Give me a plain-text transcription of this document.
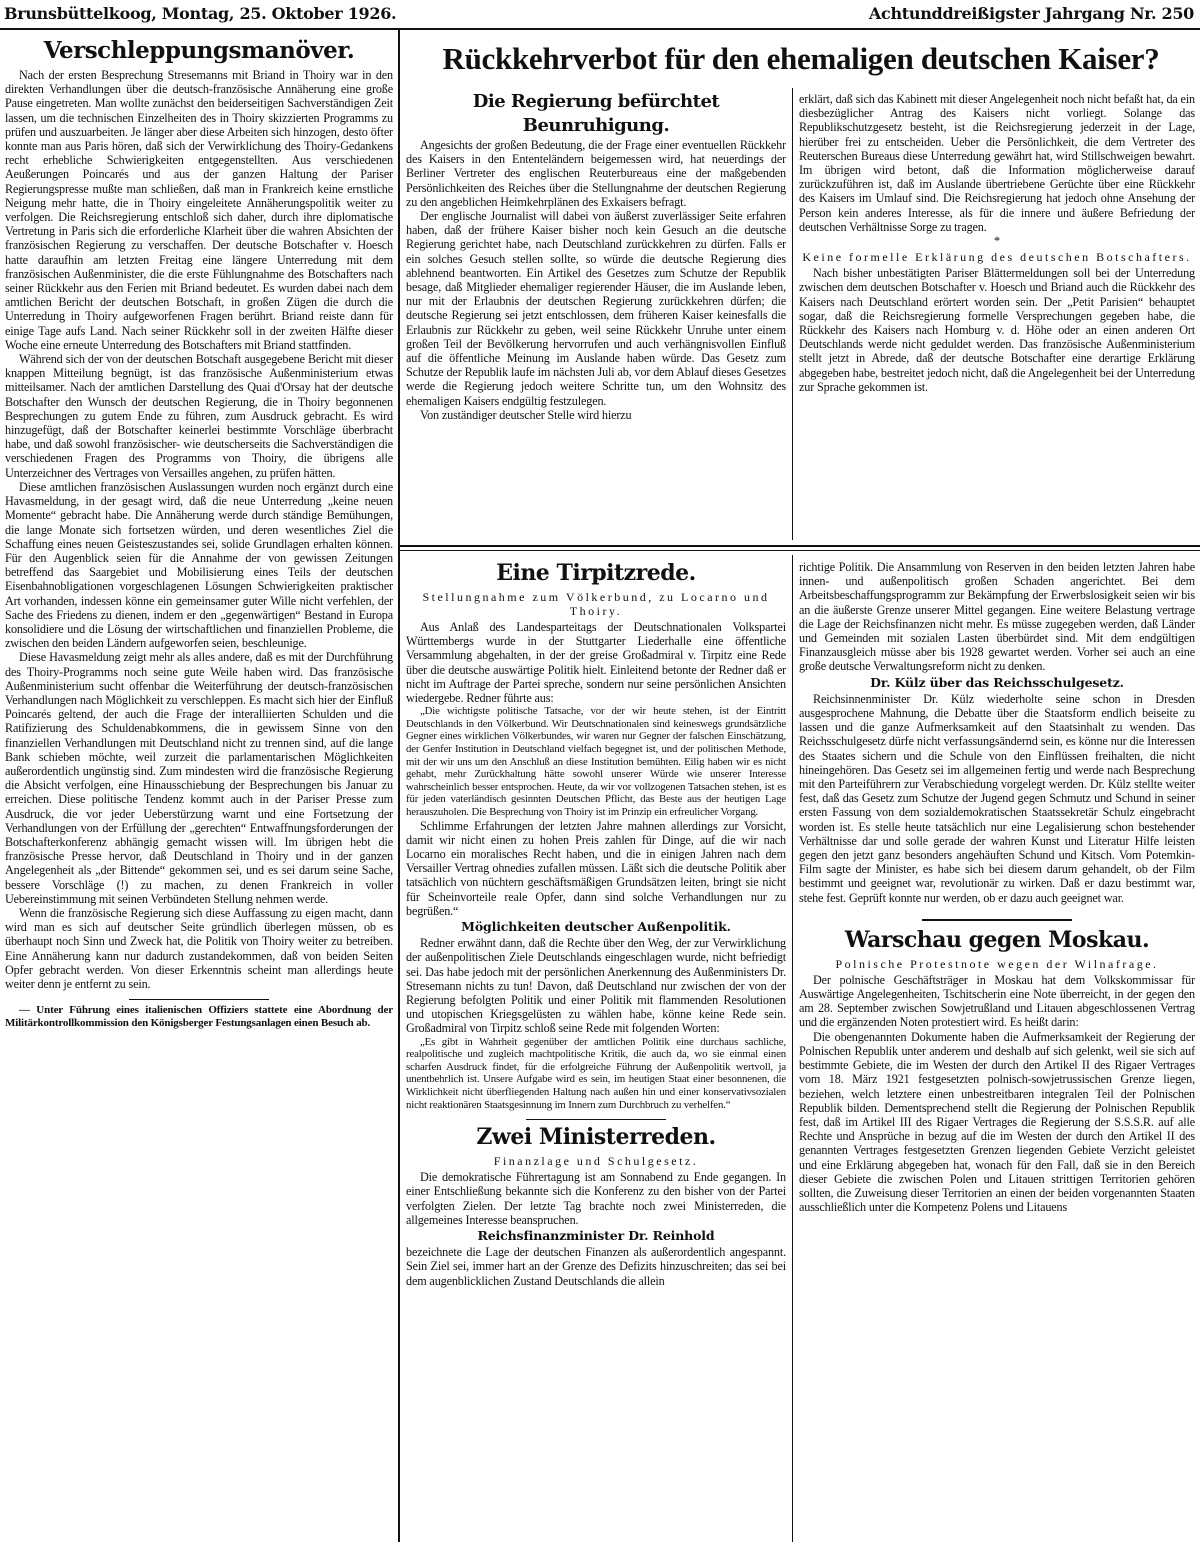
Brunsbüttelkoog, Montag, 25. Oktober 1926.	Achtunddreißigster Jahrgang Nr. 250
Verschleppungsmanöver.

Nach der ersten Besprechung Stresemanns mit Briand in Thoiry war in den direkten Verhandlungen über die deutsch-französische Annäherung eine große Pause eingetreten. Man wollte zunächst den beiderseitigen Sachverständigen Zeit lassen, um die technischen Einzelheiten des in Thoiry skizzierten Programms zu prüfen und auszuarbeiten. Je länger aber diese Arbeiten sich hinzogen, desto öfter konnte man aus Paris hören, daß sich der Verwirklichung des Thoiry-Gedankens recht erhebliche Schwierigkeiten entgegenstellten. Aus verschiedenen Aeußerungen Poincarés und aus der ganzen Haltung der Pariser Regierungspresse mußte man schließen, daß man in Frankreich keine ernstliche Neigung mehr hatte, die in Thoiry eingeleitete Annäherungspolitik weiter zu verfolgen. Die Reichsregierung entschloß sich daher, durch ihre diplomatische Vertretung in Paris sich die erforderliche Klarheit über die wahren Absichten der französischen Regierung zu verschaffen. Der deutsche Botschafter v. Hoesch hatte daraufhin am letzten Freitag eine längere Unterredung mit dem französischen Außenminister, die die erste Fühlungnahme des Botschafters nach seiner Rückkehr aus den Ferien mit Briand bedeutet. Es wurden dabei nach dem amtlichen Bericht der deutschen Botschaft, in großen Zügen die durch die Unterredung in Thoiry aufgeworfenen Fragen berührt. Briand reiste dann für einige Tage aufs Land. Nach seiner Rückkehr soll in der zweiten Hälfte dieser Woche eine erneute Unterredung des Botschafters mit Briand stattfinden.

Während sich der von der deutschen Botschaft ausgegebene Bericht mit dieser knappen Mitteilung begnügt, ist das französische Außenministerium etwas mitteilsamer. Nach der amtlichen Darstellung des Quai d'Orsay hat der deutsche Botschafter den Wunsch der deutschen Regierung, die in Thoiry begonnenen Besprechungen zu gutem Ende zu führen, zum Ausdruck gebracht. Es wird hinzugefügt, daß der Botschafter keinerlei bestimmte Vorschläge überbracht habe, und daß sowohl französischer- wie deutscherseits die Sachverständigen die verschiedenen Fragen des Programms von Thoiry, die übrigens alle Unterzeichner des Vertrages von Versailles angehen, zu prüfen hätten.

Diese amtlichen französischen Auslassungen wurden noch ergänzt durch eine Havasmeldung, in der gesagt wird, daß die neue Unterredung „keine neuen Momente“ gebracht habe. Die Annäherung werde durch ständige Bemühungen, die lange Monate sich fortsetzen würden, und deren wesentliches Ziel die Schaffung eines neuen Geisteszustandes sei, solide Grundlagen erhalten können. Für den Augenblick seien für die Annahme der von gewissen Zeitungen betreffend das Saargebiet und Mobilisierung eines Teils der deutschen Eisenbahnobligationen vorgeschlagenen Lösungen Schwierigkeiten praktischer Art vorhanden, indessen könne ein gemeinsamer guter Wille nicht verfehlen, der Sache des Friedens zu dienen, indem er den „gegenwärtigen“ Bestand in Europa konsolidiere und die Lösung der wirtschaftlichen und finanziellen Probleme, die zwischen den beiden Ländern aufgeworfen seien, beschleunige.

Diese Havasmeldung zeigt mehr als alles andere, daß es mit der Durchführung des Thoiry-Programms noch seine gute Weile haben wird. Das französische Außenministerium sucht offenbar die Weiterführung der deutsch-französischen Verhandlungen nach Möglichkeit zu verschleppen. Es macht sich hier der Einfluß Poincarés geltend, der auch die Frage der interalliierten Schulden und die Ratifizierung des Schuldenabkommens, die in gewissem Sinne von den finanziellen Verhandlungen mit Deutschland nicht zu trennen sind, auf die lange Bank schieben möchte, weil zurzeit die parlamentarischen Möglichkeiten außerordentlich ungünstig sind. Zum mindesten wird die französische Regierung die Absicht verfolgen, eine Hinausschiebung der Besprechungen bis Januar zu erreichen. Diese politische Tendenz kommt auch in der Pariser Presse zum Ausdruck, die vor jeder Ueberstürzung warnt und eine Fortsetzung der Verhandlungen von der Erfüllung der „gerechten“ Entwaffnungsforderungen der Botschafterkonferenz abhängig gemacht wissen will. Im übrigen hebt die französische Presse hervor, daß Deutschland in Thoiry und in der ganzen Angelegenheit als „der Bittende“ gekommen sei, und es sei darum seine Sache, bessere Vorschläge (!) zu machen, zu denen Frankreich in voller Uebereinstimmung mit seinen Verbündeten Stellung nehmen werde.

Wenn die französische Regierung sich diese Auffassung zu eigen macht, dann wird man es sich auf deutscher Seite gründlich überlegen müssen, ob es überhaupt noch Sinn und Zweck hat, die Politik von Thoiry weiter zu betreiben. Eine Annäherung kann nur dadurch zustandekommen, daß von beiden Seiten Opfer gebracht werden. Von dieser Erkenntnis scheint man allerdings heute weiter denn je entfernt zu sein.

— Unter Führung eines italienischen Offiziers stattete eine Abordnung der Militärkontrollkommission den Königsberger Festungsanlagen einen Besuch ab.

Rückkehrverbot für den ehemaligen deutschen Kaiser?
Die Regierung befürchtet Beunruhigung.

Angesichts der großen Bedeutung, die der Frage einer eventuellen Rückkehr des Kaisers in den Ententeländern beigemessen wird, hat neuerdings der Berliner Vertreter des englischen Reuterbureaus eine der maßgebenden Persönlichkeiten des Reiches über die Stellungnahme der deutschen Regierung zu den angeblichen Heimkehrplänen des Exkaisers befragt.

Der englische Journalist will dabei von äußerst zuverlässiger Seite erfahren haben, daß der frühere Kaiser bisher noch kein Gesuch an die deutsche Regierung gerichtet habe, nach Deutschland zurückkehren zu dürfen. Falls er ein solches Gesuch stellen sollte, so würde die deutsche Regierung dies ablehnend beantworten. Ein Artikel des Gesetzes zum Schutze der Republik besage, daß Mitglieder ehemaliger regierender Häuser, die im Auslande leben, nur mit der Erlaubnis der deutschen Regierung zurückkehren dürfen; die deutsche Regierung sei jetzt entschlossen, dem früheren Kaiser keinesfalls die Erlaubnis zur Rückkehr zu geben, weil seine Rückkehr Unruhe unter einem großen Teil der Bevölkerung hervorrufen und auch verhängnisvollen Einfluß auf die öffentliche Meinung im Auslande haben würde. Das Gesetz zum Schutze der Republik laufe im nächsten Juli ab, vor dem Ablauf dieses Gesetzes werde die Regierung jedoch weitere Schritte tun, um den Wohnsitz des ehemaligen Kaisers endgültig festzulegen.

Von zuständiger deutscher Stelle wird hierzu

erklärt, daß sich das Kabinett mit dieser Angelegenheit noch nicht befaßt hat, da ein diesbezüglicher Antrag des Kaisers nicht vorliegt. Solange das Republikschutzgesetz besteht, ist die Reichsregierung jederzeit in der Lage, hierüber frei zu entscheiden. Ueber die Persönlichkeit, die dem Vertreter des Reuterschen Bureaus diese Unterredung gewährt hat, wird Stillschweigen bewahrt. Im übrigen wird betont, daß die Information möglicherweise darauf zurückzuführen ist, daß im Auslande übertriebene Gerüchte über eine Rückkehr des Kaisers im Umlauf sind. Die Reichsregierung hat jedoch ohne Ansehung der Person kein anderes Interesse, als für die innere und äußere Befriedung der deutschen Verhältnisse Sorge zu tragen.

*
Keine formelle Erklärung des deutschen Botschafters.

Nach bisher unbestätigten Pariser Blättermeldungen soll bei der Unterredung zwischen dem deutschen Botschafter v. Hoesch und Briand auch die Rückkehr des Kaisers nach Deutschland erörtert worden sein. Der „Petit Parisien“ behauptet sogar, daß die Reichsregierung formelle Versprechungen gegeben habe, die Rückkehr des Kaisers nach Homburg v. d. Höhe oder an einen anderen Ort Deutschlands werde nicht geduldet werden. Das französische Außenministerium stellt jetzt in Abrede, daß der deutsche Botschafter eine derartige Erklärung abgegeben habe, bestreitet jedoch nicht, daß die Angelegenheit bei der Unterredung zur Sprache gekommen ist.

Eine Tirpitzrede.
Stellungnahme zum Völkerbund, zu Locarno und Thoiry.

Aus Anlaß des Landesparteitags der Deutschnationalen Volkspartei Württembergs wurde in der Stuttgarter Liederhalle eine öffentliche Versammlung abgehalten, in der der greise Großadmiral v. Tirpitz eine Rede über die deutsche auswärtige Politik hielt. Einleitend betonte der Redner daß er nicht im Auftrage der Partei spreche, sondern nur seine persönlichen Ansichten wiedergebe. Redner führte aus:

„Die wichtigste politische Tatsache, vor der wir heute stehen, ist der Eintritt Deutschlands in den Völkerbund. Wir Deutschnationalen sind keineswegs grundsätzliche Gegner eines wirklichen Völkerbundes, wir waren nur Gegner der falschen Einschätzung, der Genfer Institution in Deutschland vielfach begegnet ist, und der politischen Methode, mit der wir uns um den Anschluß an diese Institution bemühten. Eilig haben wir es nicht gehabt, mehr Zurückhaltung hätte sowohl unserer Würde wie unserer Interesse wahrscheinlich besser entsprochen. Heute, da wir vor vollzogenen Tatsachen stehen, ist es für jeden vaterländisch gesinnten Deutschen Pflicht, das Beste aus der heutigen Lage herauszuholen. Die Besprechung von Thoiry ist im Prinzip ein erfreulicher Vorgang.

Schlimme Erfahrungen der letzten Jahre mahnen allerdings zur Vorsicht, damit wir nicht einen zu hohen Preis zahlen für Dinge, auf die wir nach Locarno ein moralisches Recht haben, und die in einigen Jahren nach dem Versailler Vertrag ohnedies zufallen müssen. Läßt sich die deutsche Politik aber tatsächlich von nüchtern geschäftsmäßigen Grundsätzen leiten, bringt sie nicht für Scheinvorteile reale Opfer, dann sind solche Verhandlungen nur zu begrüßen.“

Möglichkeiten deutscher Außenpolitik.

Redner erwähnt dann, daß die Rechte über den Weg, der zur Verwirklichung der außenpolitischen Ziele Deutschlands eingeschlagen wurde, nicht befriedigt sei. Das habe jedoch mit der persönlichen Anerkennung des Außenministers Dr. Stresemann nichts zu tun! Davon, daß Deutschland nur zwischen der von der Regierung befolgten Politik und einer Politik mit flammenden Resolutionen und utopischen Kriegsgelüsten zu wählen habe, könne keine Rede sein. Großadmiral von Tirpitz schloß seine Rede mit folgenden Worten:

„Es gibt in Wahrheit gegenüber der amtlichen Politik eine durchaus sachliche, realpolitische und zugleich machtpolitische Kritik, die auch da, wo sie einmal einen scharfen Ausdruck findet, für die erfolgreiche Führung der Außenpolitik wertvoll, ja unentbehrlich ist. Unsere Aufgabe wird es sein, im heutigen Staat einer besonnenen, die Wirklichkeit nicht überfliegenden Haltung nach außen hin und einer konservativsozialen nicht reaktionären Staatsgesinnung im Innern zum Durchbruch zu verhelfen.“

Zwei Ministerreden.
Finanzlage und Schulgesetz.

Die demokratische Führertagung ist am Sonnabend zu Ende gegangen. In einer Entschließung bekannte sich die Konferenz zu den bisher von der Partei verfolgten Zielen. Der letzte Tag brachte noch zwei Ministerreden, die allgemeines Interesse beanspruchen.

Reichsfinanzminister Dr. Reinhold

bezeichnete die Lage der deutschen Finanzen als außerordentlich angespannt. Sein Ziel sei, immer hart an der Grenze des Defizits hinzuschreiten; das sei bei dem augenblicklichen Zustand Deutschlands die allein

richtige Politik. Die Ansammlung von Reserven in den beiden letzten Jahren habe innen- und außenpolitisch großen Schaden angerichtet. Bei dem Arbeitsbeschaffungsprogramm zur Bekämpfung der Erwerbslosigkeit seien wir bis an die äußerste Grenze unserer Mittel gegangen. Eine weitere Belastung vertrage die Lage der Reichsfinanzen nicht mehr. Es müsse zugegeben werden, daß Länder und Gemeinden mit sozialen Lasten überbürdet sind. Mit dem endgültigen Finanzausgleich müsse aber bis 1928 gewartet werden. Vorher sei auch an eine große deutsche Verwaltungsreform nicht zu denken.

Dr. Külz über das Reichsschulgesetz.

Reichsinnenminister Dr. Külz wiederholte seine schon in Dresden ausgesprochene Mahnung, die Debatte über die Staatsform endlich beiseite zu lassen und die ganze Aufmerksamkeit auf den Staatsinhalt zu wenden. Das Reichsschulgesetz dürfe nicht verfassungsändernd sein, es könne nur die Interessen des Staates sichern und die Schule von den Einflüssen freihalten, die nicht hineingehören. Das Gesetz sei im allgemeinen fertig und werde nach Besprechung mit den Parteiführern zur Verabschiedung vorgelegt werden. Dr. Külz stellte weiter fest, daß das Gesetz zum Schutze der Jugend gegen Schmutz und Schund in seiner ersten Fassung von dem sozialdemokratischen Staatssekretär Schulz eingebracht worden ist. Es stelle heute tatsächlich nur eine Legalisierung schon bestehender Verhältnisse dar und solle gerade der wahren Kunst und Literatur Hilfe leisten gegen den jetzt ganz besonders angehäuften Schund und Kitsch. Vom Potemkin-Film sagte der Minister, es habe sich bei diesem darum gehandelt, ob der Film bestimmt und geeignet war, revolutionär zu wirken. Daß er dazu bestimmt war, stehe fest. Geprüft konnte nur werden, ob er dazu auch geeignet war.

Warschau gegen Moskau.
Polnische Protestnote wegen der Wilnafrage.

Der polnische Geschäftsträger in Moskau hat dem Volkskommissar für Auswärtige Angelegenheiten, Tschitscherin eine Note überreicht, in der gegen den am 28. September zwischen Sowjetrußland und Litauen abgeschlossenen Vertrag und die ergänzenden Noten protestiert wird. Es heißt darin:

Die obengenannten Dokumente haben die Aufmerksamkeit der Regierung der Polnischen Republik unter anderem und deshalb auf sich gelenkt, weil sie sich auf bestimmte Gebiete, die im Westen der durch den Artikel II des Rigaer Vertrages vom 18. März 1921 festgesetzten polnisch-sowjetrussischen Grenze liegen, beziehen, welch letztere einen unbestreitbaren integralen Teil der Polnischen Republik bilden. Dementsprechend stellt die Regierung der Polnischen Republik fest, daß im Artikel III des Rigaer Vertrages die Regierung der S.S.S.R. auf alle Rechte und Ansprüche in bezug auf die im Westen der durch den Artikel II des genannten Vertrages festgesetzten Grenzen liegenden Gebiete Verzicht geleistet und eine Erklärung abgegeben hat, wonach für den Fall, daß sie in den Bereich dieser Gebiete die zwischen Polen und Litauen strittigen Territorien gehören sollten, die Zuweisung dieser Territorien an einen der beiden vorgenannten Staaten ausschließlich unter die Kompetenz Polens und Litauens
